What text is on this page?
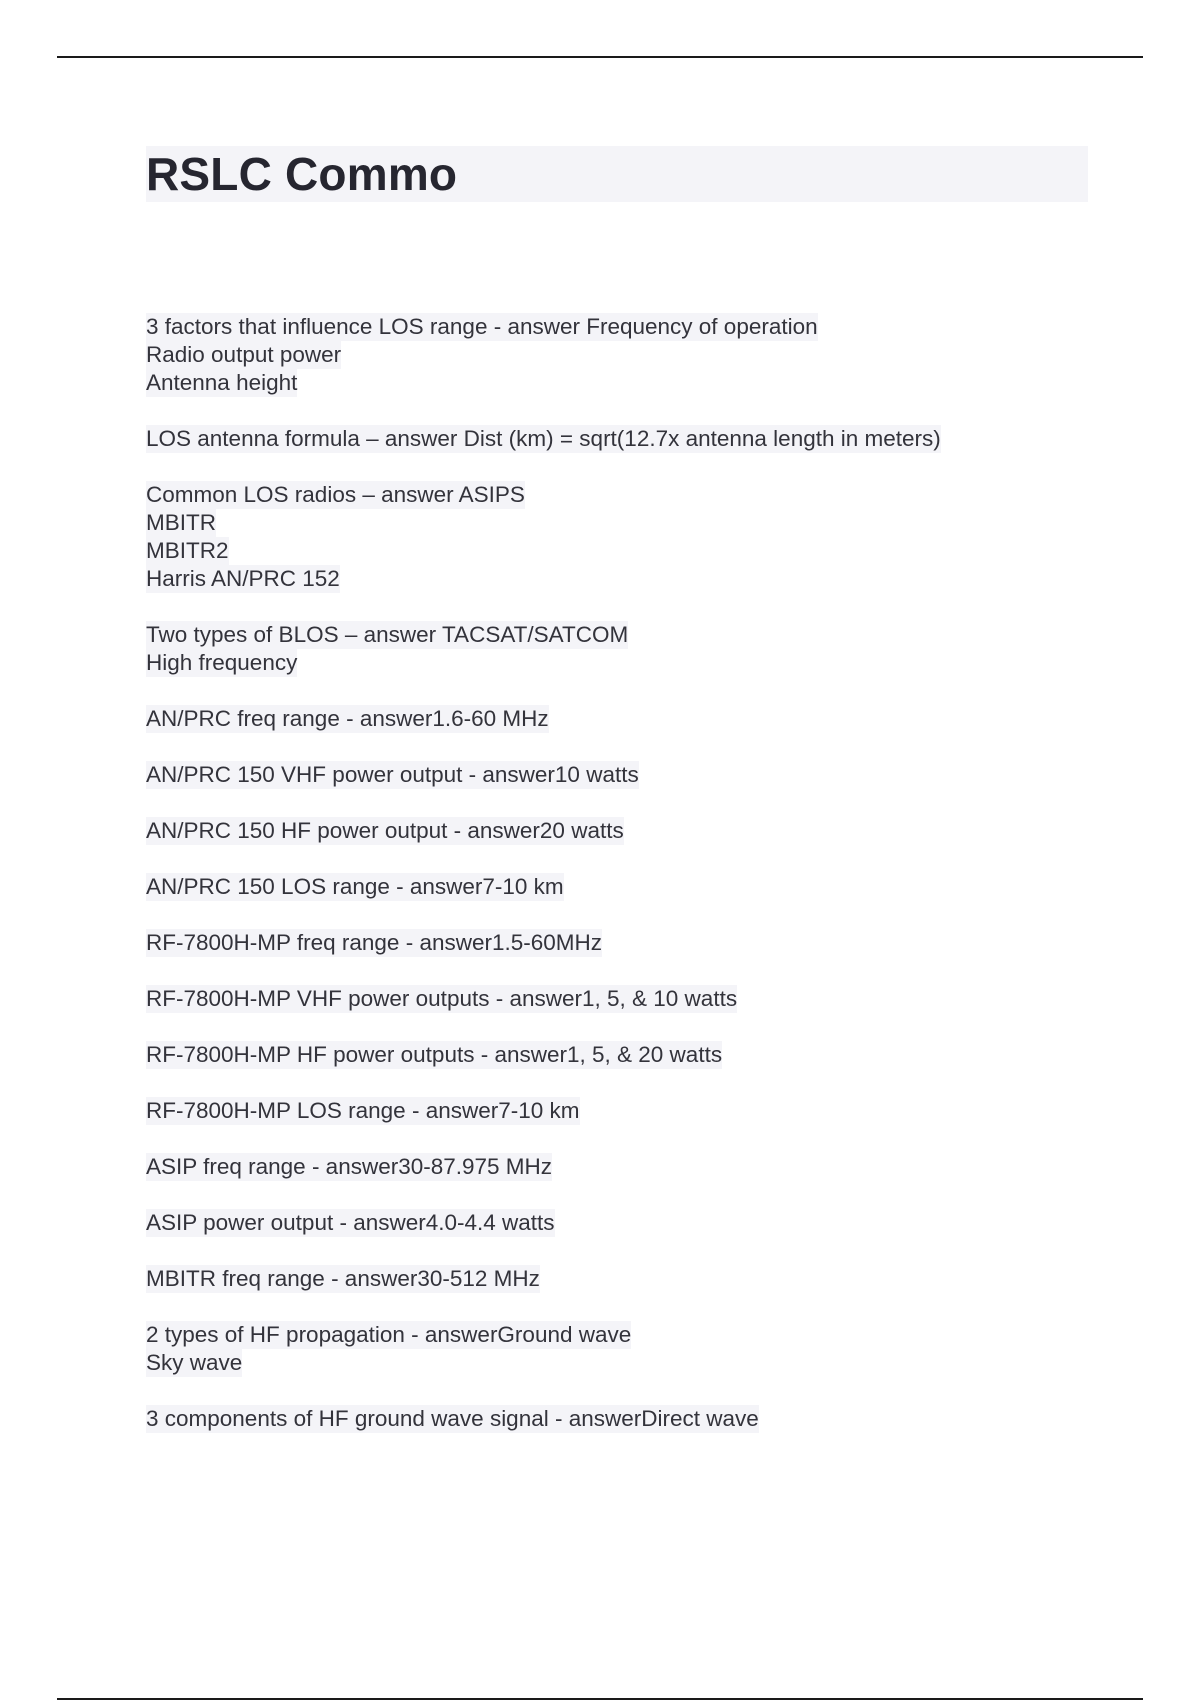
RSLC Commo
3 factors that influence LOS range - answer Frequency of operation
Radio output power
Antenna height
LOS antenna formula – answer Dist (km) = sqrt(12.7x antenna length in meters)
Common LOS radios – answer ASIPS
MBITR
MBITR2
Harris AN/PRC 152
Two types of BLOS – answer TACSAT/SATCOM
High frequency
AN/PRC freq range - answer1.6-60 MHz
AN/PRC 150 VHF power output - answer10 watts
AN/PRC 150 HF power output - answer20 watts
AN/PRC 150 LOS range - answer7-10 km
RF-7800H-MP freq range - answer1.5-60MHz
RF-7800H-MP VHF power outputs - answer1, 5, & 10 watts
RF-7800H-MP HF power outputs - answer1, 5, & 20 watts
RF-7800H-MP LOS range - answer7-10 km
ASIP freq range - answer30-87.975 MHz
ASIP power output - answer4.0-4.4 watts
MBITR freq range - answer30-512 MHz
2 types of HF propagation - answerGround wave
Sky wave
3 components of HF ground wave signal - answerDirect wave
